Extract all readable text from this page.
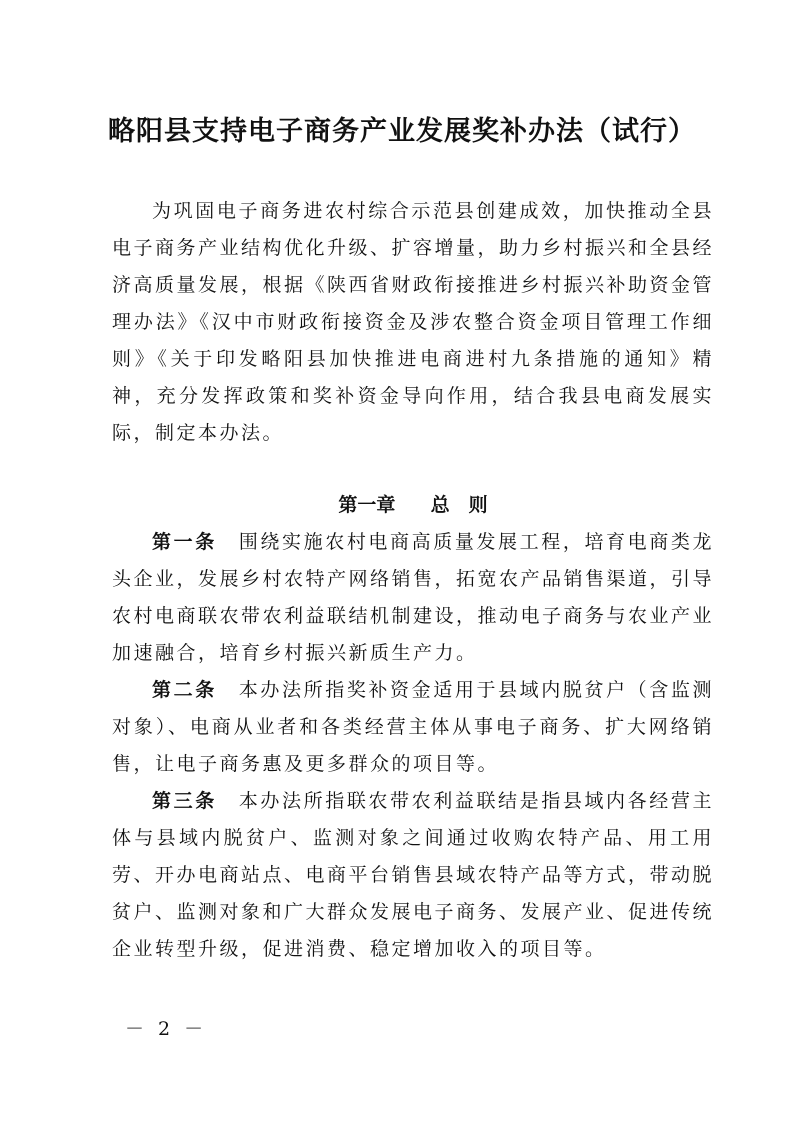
略阳县支持电子商务产业发展奖补办法（试行）

为巩固电子商务进农村综合示范县创建成效，加快推动全县电子商务产业结构优化升级、扩容增量，助力乡村振兴和全县经济高质量发展，根据《陕西省财政衔接推进乡村振兴补助资金管理办法》《汉中市财政衔接资金及涉农整合资金项目管理工作细则》《关于印发略阳县加快推进电商进村九条措施的通知》精神，充分发挥政策和奖补资金导向作用，结合我县电商发展实际，制定本办法。

第一章 总　则

第一条 围绕实施农村电商高质量发展工程，培育电商类龙头企业，发展乡村农特产网络销售，拓宽农产品销售渠道，引导农村电商联农带农利益联结机制建设，推动电子商务与农业产业加速融合，培育乡村振兴新质生产力。

第二条 本办法所指奖补资金适用于县域内脱贫户（含监测对象）、电商从业者和各类经营主体从事电子商务、扩大网络销售，让电子商务惠及更多群众的项目等。

第三条 本办法所指联农带农利益联结是指县域内各经营主体与县域内脱贫户、监测对象之间通过收购农特产品、用工用劳、开办电商站点、电商平台销售县域农特产品等方式，带动脱贫户、监测对象和广大群众发展电子商务、发展产业、促进传统企业转型升级，促进消费、稳定增加收入的项目等。

－ 2 －
